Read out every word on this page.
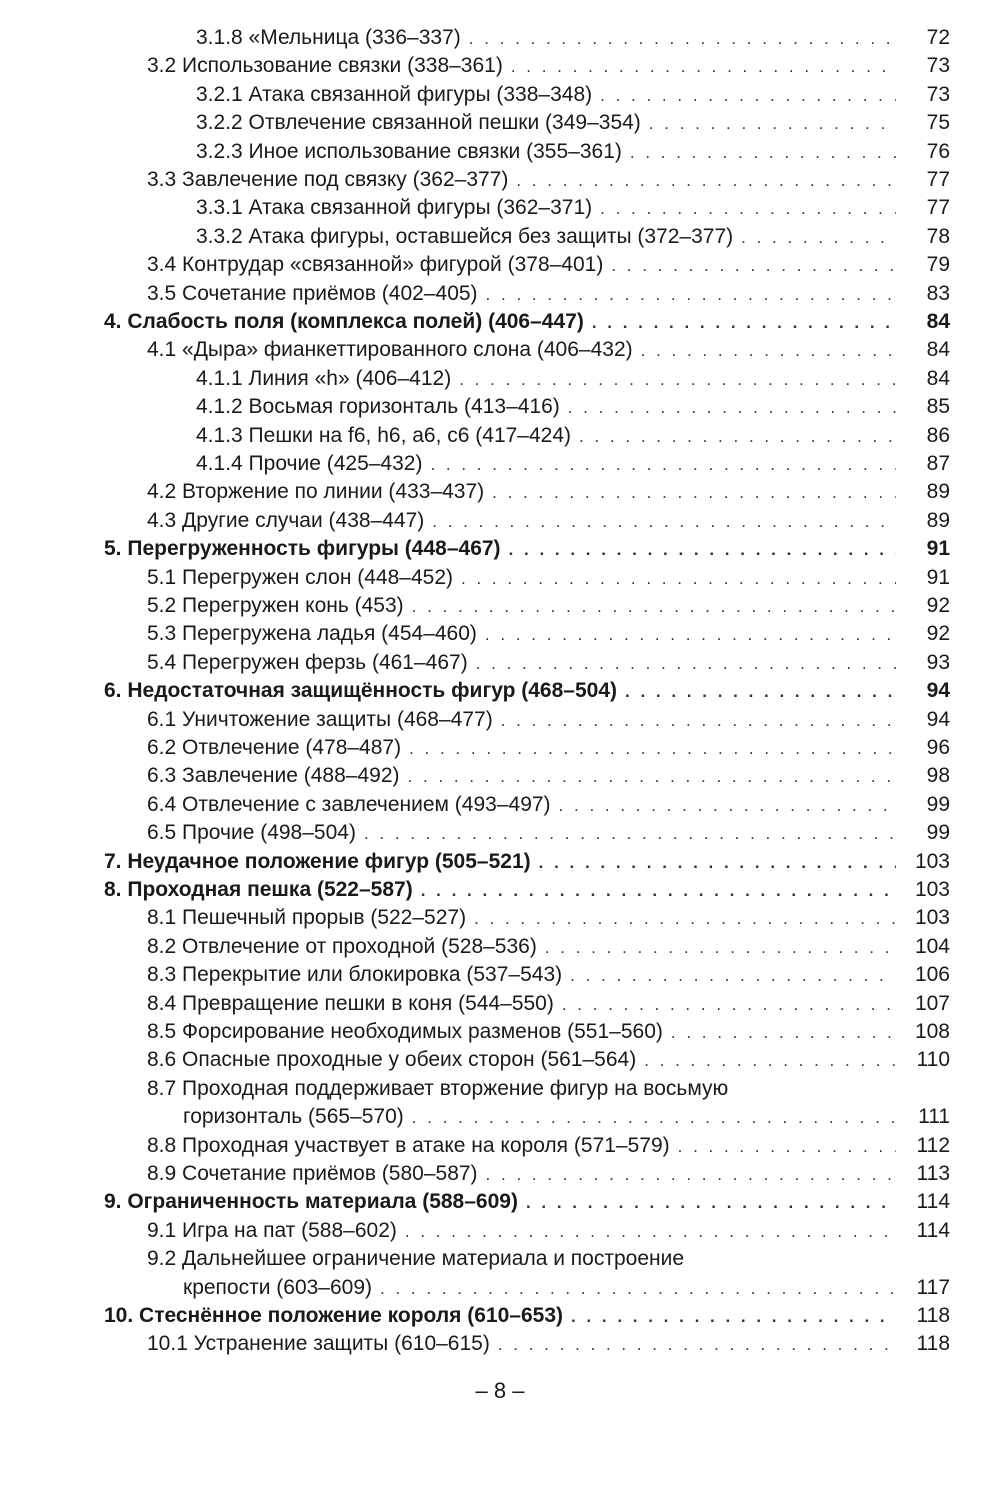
3.1.8 «Мельница (336–337) . . .	72
3.2 Использование связки (338–361) . . .	73
3.2.1 Атака связанной фигуры (338–348) . . .	73
3.2.2 Отвлечение связанной пешки (349–354) . . .	75
3.2.3 Иное использование связки (355–361) . . .	76
3.3 Завлечение под связку (362–377) . . .	77
3.3.1 Атака связанной фигуры (362–371) . . .	77
3.3.2 Атака фигуры, оставшейся без защиты (372–377) . . .	78
3.4 Контрудар «связанной» фигурой (378–401) . . .	79
3.5 Сочетание приёмов (402–405) . . .	83
4. Слабость поля (комплекса полей) (406–447) . . .	84
4.1 «Дыра» фианкеттированного слона (406–432) . . .	84
4.1.1 Линия «h» (406–412) . . .	84
4.1.2 Восьмая горизонталь (413–416) . . .	85
4.1.3 Пешки на f6, h6, a6, c6 (417–424) . . .	86
4.1.4 Прочие (425–432) . . .	87
4.2 Вторжение по линии (433–437) . . .	89
4.3 Другие случаи (438–447) . . .	89
5. Перегруженность фигуры (448–467) . . .	91
5.1 Перегружен слон (448–452) . . .	91
5.2 Перегружен конь (453) . . .	92
5.3 Перегружена ладья (454–460) . . .	92
5.4 Перегружен ферзь (461–467) . . .	93
6. Недостаточная защищённость фигур (468–504) . . .	94
6.1 Уничтожение защиты (468–477) . . .	94
6.2 Отвлечение (478–487) . . .	96
6.3 Завлечение (488–492) . . .	98
6.4 Отвлечение с завлечением (493–497) . . .	99
6.5 Прочие (498–504) . . .	99
7. Неудачное положение фигур (505–521) . . .	103
8. Проходная пешка (522–587) . . .	103
8.1 Пешечный прорыв (522–527) . . .	103
8.2 Отвлечение от проходной (528–536) . . .	104
8.3 Перекрытие или блокировка (537–543) . . .	106
8.4 Превращение пешки в коня (544–550) . . .	107
8.5 Форсирование необходимых разменов (551–560) . . .	108
8.6 Опасные проходные у обеих сторон (561–564) . . .	110
8.7 Проходная поддерживает вторжение фигур на восьмую
горизонталь (565–570) . . .	111
8.8 Проходная участвует в атаке на короля (571–579) . . .	112
8.9 Сочетание приёмов (580–587) . . .	113
9. Ограниченность материала (588–609) . . .	114
9.1 Игра на пат (588–602) . . .	114
9.2 Дальнейшее ограничение материала и построение
крепости (603–609) . . .	117
10. Стеснённое положение короля (610–653) . . .	118
10.1 Устранение защиты (610–615) . . .	118
– 8 –
